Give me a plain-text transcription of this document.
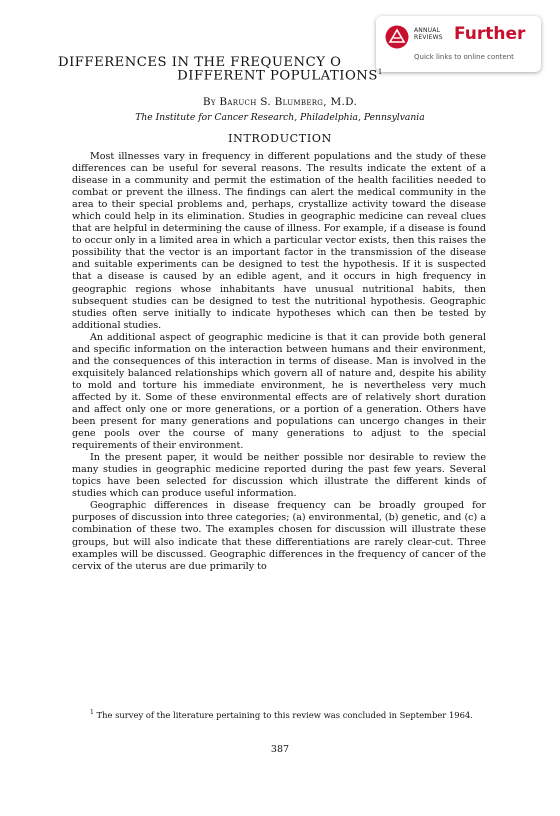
ANNUAL
REVIEWS Further
Quick links to online content
DIFFERENCES IN THE FREQUENCY O
DIFFERENT POPULATIONS$^1$
By Baruch S. Blumberg, M.D.
The Institute for Cancer Research, Philadelphia, Pennsylvania
INTRODUCTION

Most illnesses vary in frequency in different populations and the study of these differences can be useful for several reasons. The results indicate the extent of a disease in a community and permit the estimation of the health facilities needed to combat or prevent the illness. The findings can alert the medical community in the area to their special problems and, perhaps, crystallize activity toward the disease which could help in its elimination. Studies in geographic medicine can reveal clues that are helpful in determining the cause of illness. For example, if a disease is found to occur only in a limited area in which a particular vector exists, then this raises the possibility that the vector is an important factor in the transmission of the disease and suitable experiments can be designed to test the hypothesis. If it is suspected that a disease is caused by an edible agent, and it occurs in high frequency in geographic regions whose inhabitants have unusual nutritional habits, then subsequent studies can be designed to test the nutritional hypothesis. Geographic studies often serve initially to indicate hypotheses which can then be tested by additional studies.

An additional aspect of geographic medicine is that it can provide both general and specific information on the interaction between humans and their environment, and the consequences of this interaction in terms of disease. Man is involved in the exquisitely balanced relationships which govern all of nature and, despite his ability to mold and torture his immediate environment, he is nevertheless very much affected by it. Some of these environmental effects are of relatively short duration and affect only one or more generations, or a portion of a generation. Others have been present for many generations and populations can uncergo changes in their gene pools over the course of many generations to adjust to the special requirements of their environment.

In the present paper, it would be neither possible nor desirable to review the many studies in geographic medicine reported during the past few years. Several topics have been selected for discussion which illustrate the different kinds of studies which can produce useful information.

Geographic differences in disease frequency can be broadly grouped for purposes of discussion into three categories; (a) environmental, (b) genetic, and (c) a combination of these two. The examples chosen for discussion will illustrate these groups, but will also indicate that these differentiations are rarely clear-cut. Three examples will be discussed. Geographic differences in the frequency of cancer of the cervix of the uterus are due primarily to

$^1$ The survey of the literature pertaining to this review was concluded in September 1964.
387
